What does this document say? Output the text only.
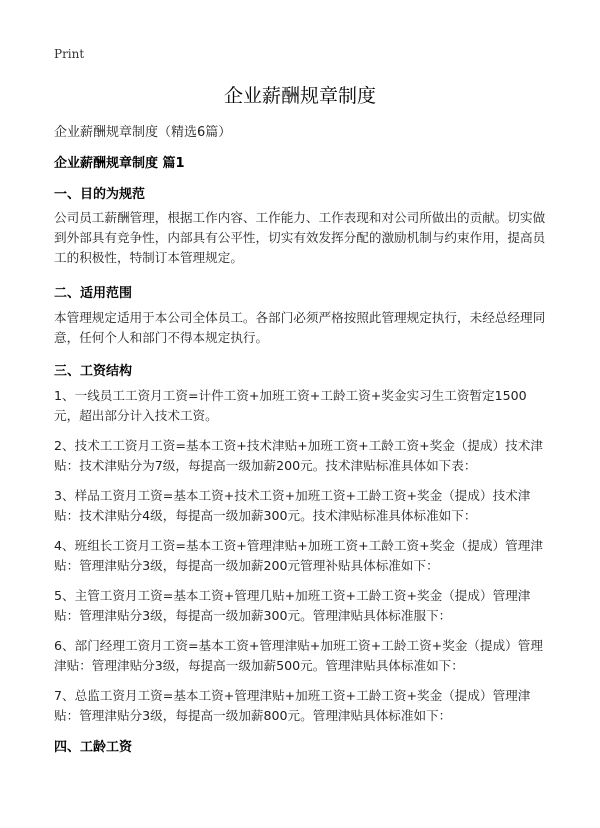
Print
企业薪酬规章制度
企业薪酬规章制度（精选6篇）
企业薪酬规章制度 篇1
一、目的为规范

公司员工薪酬管理，根据工作内容、工作能力、工作表现和对公司所做出的贡献。切实做到外部具有竞争性，内部具有公平性，切实有效发挥分配的激励机制与约束作用，提高员工的积极性，特制订本管理规定。

二、适用范围

本管理规定适用于本公司全体员工。各部门必须严格按照此管理规定执行，未经总经理同意，任何个人和部门不得本规定执行。

三、工资结构

1、一线员工工资月工资=计件工资+加班工资+工龄工资+奖金实习生工资暂定1500元，超出部分计入技术工资。

2、技术工工资月工资=基本工资+技术津贴+加班工资+工龄工资+奖金（提成）技术津贴：技术津贴分为7级，每提高一级加薪200元。技术津贴标准具体如下表：

3、样品工资月工资=基本工资+技术工资+加班工资+工龄工资+奖金（提成）技术津贴：技术津贴分4级，每提高一级加薪300元。技术津贴标准具体标准如下：

4、班组长工资月工资=基本工资+管理津贴+加班工资+工龄工资+奖金（提成）管理津贴：管理津贴分3级，每提高一级加薪200元管理补贴具体标准如下：

5、主管工资月工资=基本工资+管理几贴+加班工资+工龄工资+奖金（提成）管理津贴：管理津贴分3级，每提高一级加薪300元。管理津贴具体标准服下：

6、部门经理工资月工资=基本工资+管理津贴+加班工资+工龄工资+奖金（提成）管理津贴：管理津贴分3级，每提高一级加薪500元。管理津贴具体标准如下：

7、总监工资月工资=基本工资+管理津贴+加班工资+工龄工资+奖金（提成）管理津贴：管理津贴分3级，每提高一级加薪800元。管理津贴具体标准如下：

四、工龄工资
